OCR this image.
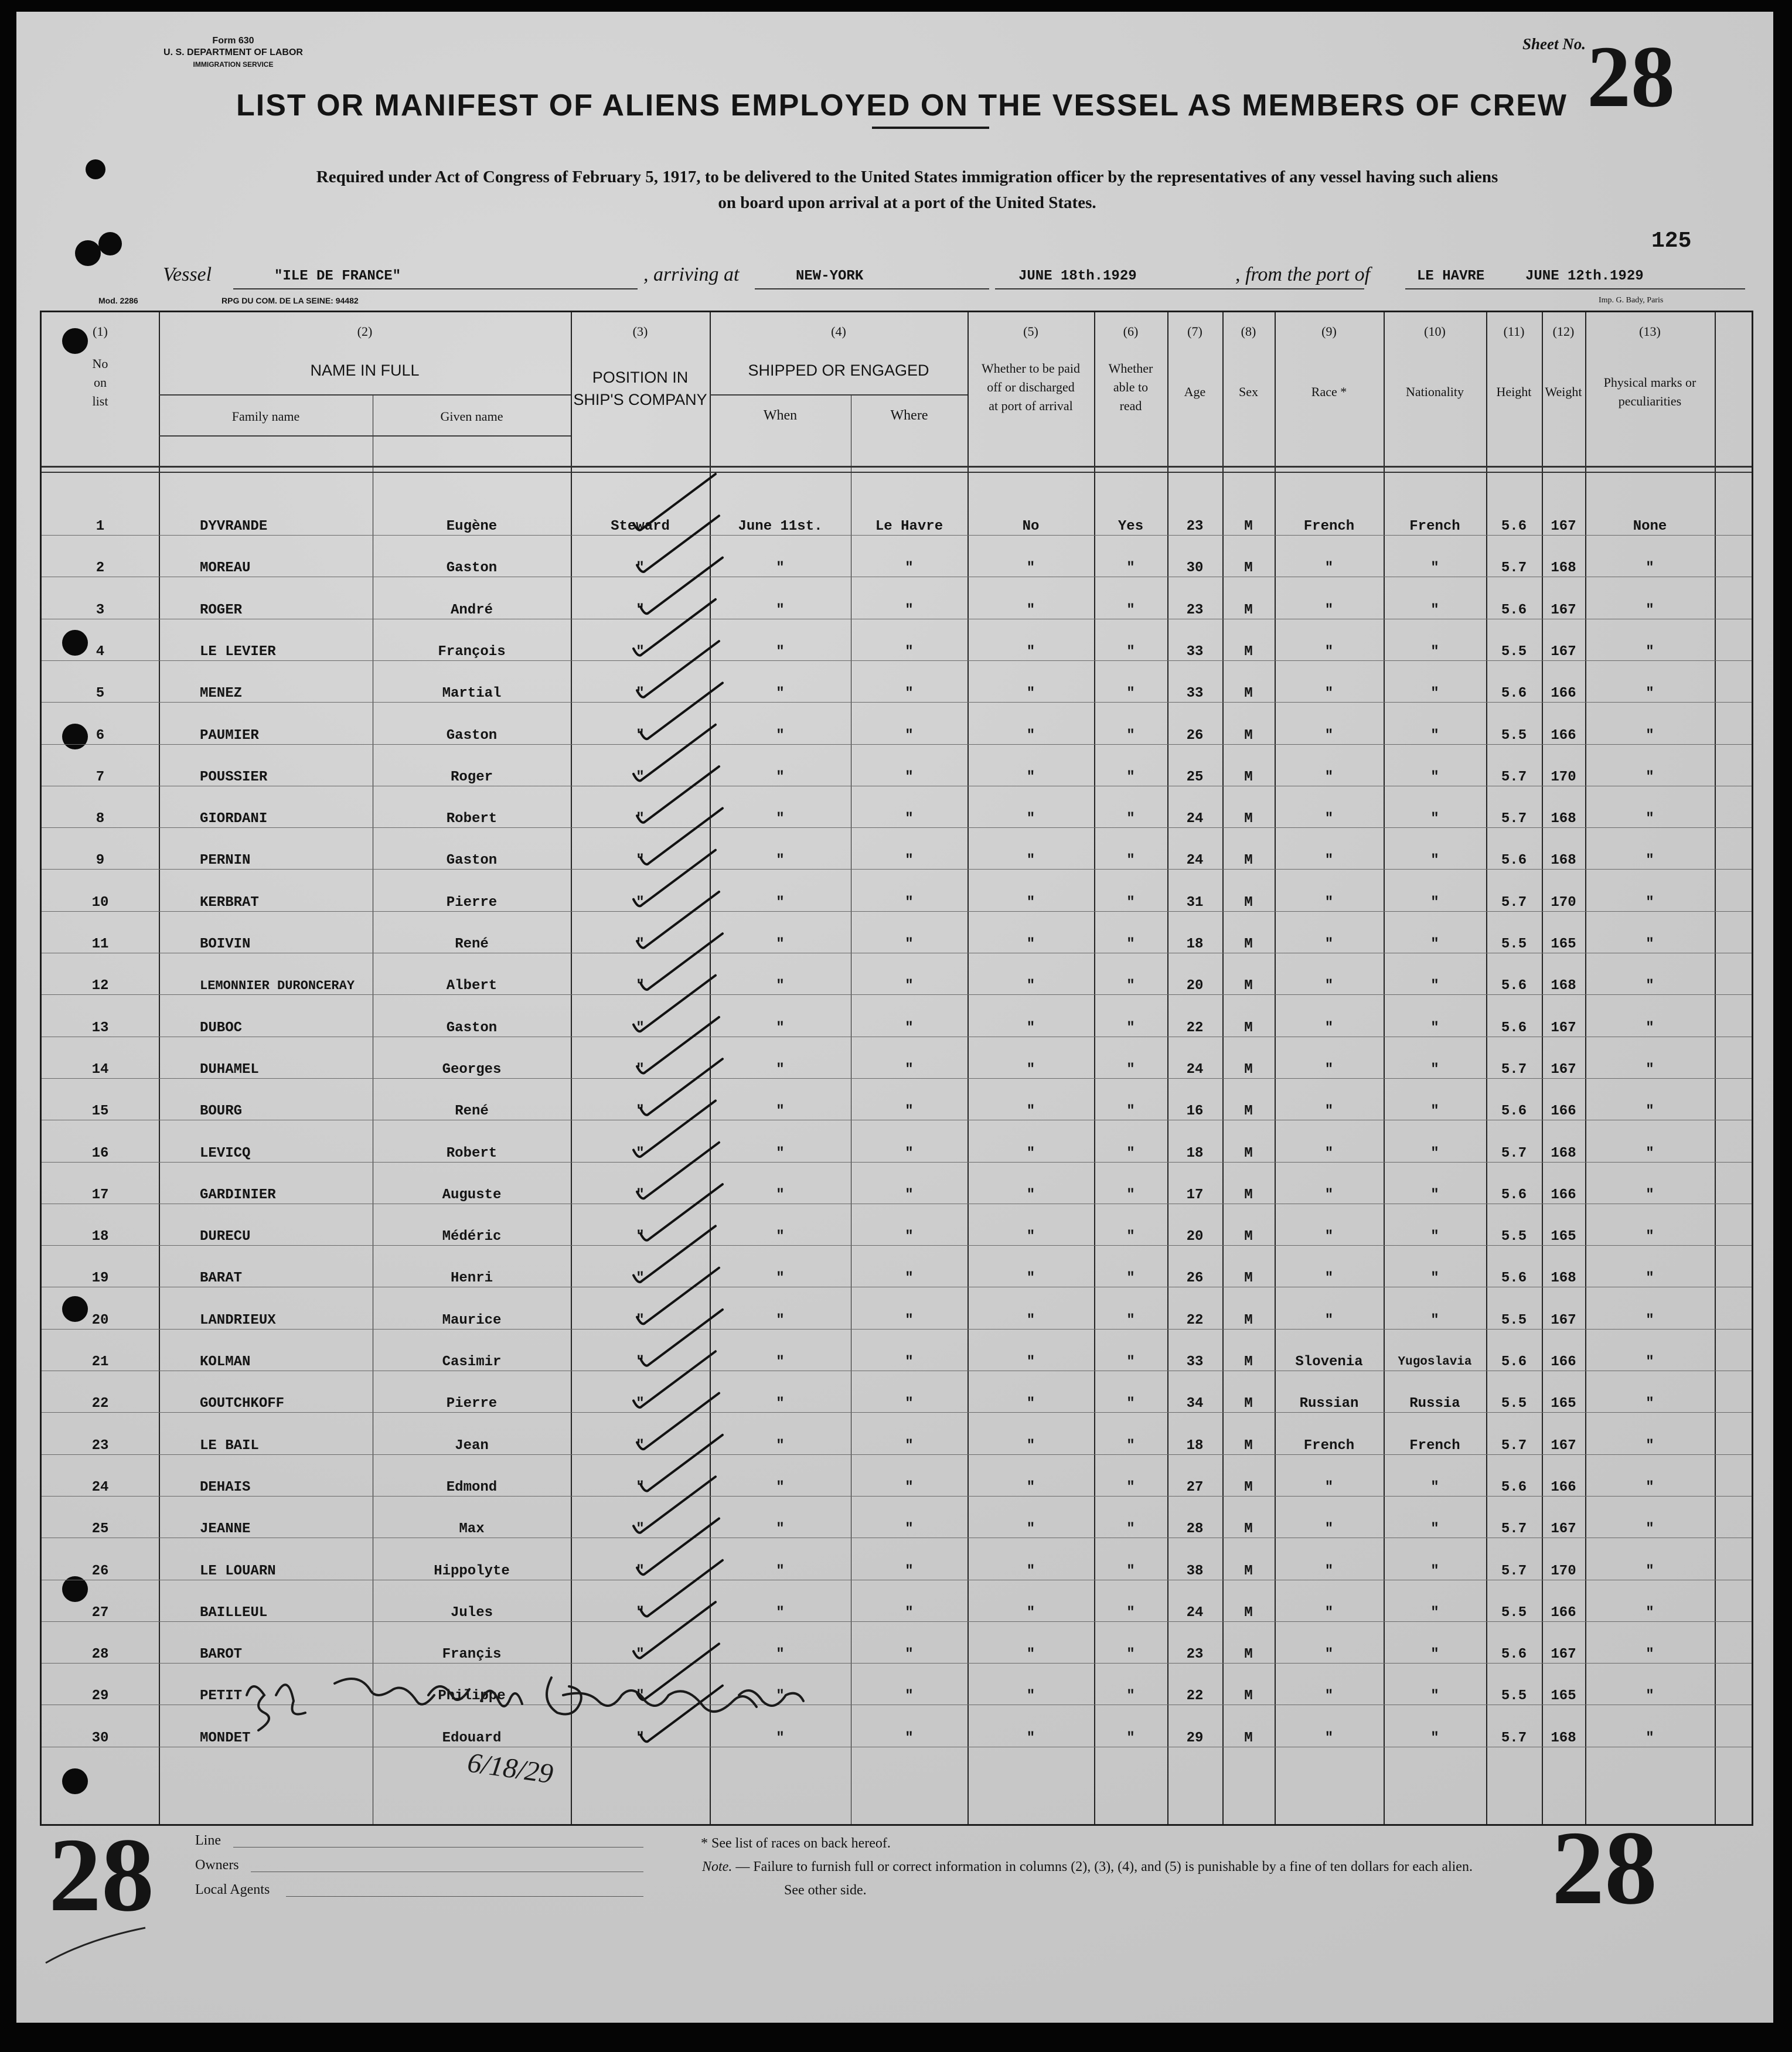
Form 630
U. S. DEPARTMENT OF LABOR
IMMIGRATION SERVICE
Sheet No. 28
LIST OR MANIFEST OF ALIENS EMPLOYED ON THE VESSEL AS MEMBERS OF CREW
Required under Act of Congress of February 5, 1917, to be delivered to the United States immigration officer by the representatives of any vessel having such aliens
on board upon arrival at a port of the United States.
125
Vessel	"ILE DE FRANCE"	, arriving at	NEW-YORK	JUNE 18th.1929	, from the port of	LE HAVRE	JUNE 12th.1929
Mod. 2286	RPG DU COM. DE LA SEINE: 94482	Imp. G. Bady, Paris
(1)	(2)	(3)	(4)	(5)	(6)	(7)	(8)	(9)	(10)	(11)	(12)	(13)
No
on
list
NAME IN FULL
Family name	Given name
POSITION IN
SHIP'S COMPANY
SHIPPED OR ENGAGED
When	Where
Whether to be paid
off or discharged
at port of arrival
Whether
able to
read
Age	Sex	Race *	Nationality	Height	Weight
Physical marks or
peculiarities
1	DYVRANDE	Eugène	Steward	June 11st.	Le Havre	No	Yes	23	M	French	French	5.6	167	None
2	MOREAU	Gaston	"	"	"	"	"	30	M	"	"	5.7	168	"
3	ROGER	André	"	"	"	"	"	23	M	"	"	5.6	167	"
4	LE LEVIER	François	"	"	"	"	"	33	M	"	"	5.5	167	"
5	MENEZ	Martial	"	"	"	"	"	33	M	"	"	5.6	166	"
6	PAUMIER	Gaston	"	"	"	"	"	26	M	"	"	5.5	166	"
7	POUSSIER	Roger	"	"	"	"	"	25	M	"	"	5.7	170	"
8	GIORDANI	Robert	"	"	"	"	"	24	M	"	"	5.7	168	"
9	PERNIN	Gaston	"	"	"	"	"	24	M	"	"	5.6	168	"
10	KERBRAT	Pierre	"	"	"	"	"	31	M	"	"	5.7	170	"
11	BOIVIN	René	"	"	"	"	"	18	M	"	"	5.5	165	"
12	LEMONNIER DURONCERAY	Albert	"	"	"	"	"	20	M	"	"	5.6	168	"
13	DUBOC	Gaston	"	"	"	"	"	22	M	"	"	5.6	167	"
14	DUHAMEL	Georges	"	"	"	"	"	24	M	"	"	5.7	167	"
15	BOURG	René	"	"	"	"	"	16	M	"	"	5.6	166	"
16	LEVICQ	Robert	"	"	"	"	"	18	M	"	"	5.7	168	"
17	GARDINIER	Auguste	"	"	"	"	"	17	M	"	"	5.6	166	"
18	DURECU	Médéric	"	"	"	"	"	20	M	"	"	5.5	165	"
19	BARAT	Henri	"	"	"	"	"	26	M	"	"	5.6	168	"
20	LANDRIEUX	Maurice	"	"	"	"	"	22	M	"	"	5.5	167	"
21	KOLMAN	Casimir	"	"	"	"	"	33	M	Slovenia	Yugoslavia	5.6	166	"
22	GOUTCHKOFF	Pierre	"	"	"	"	"	34	M	Russian	Russia	5.5	165	"
23	LE BAIL	Jean	"	"	"	"	"	18	M	French	French	5.7	167	"
24	DEHAIS	Edmond	"	"	"	"	"	27	M	"	"	5.6	166	"
25	JEANNE	Max	"	"	"	"	"	28	M	"	"	5.7	167	"
26	LE LOUARN	Hippolyte	"	"	"	"	"	38	M	"	"	5.7	170	"
27	BAILLEUL	Jules	"	"	"	"	"	24	M	"	"	5.5	166	"
28	BAROT	Françis	"	"	"	"	"	23	M	"	"	5.6	167	"
29	PETIT	Philippe	"	"	"	"	"	22	M	"	"	5.5	165	"
30	MONDET	Edouard	"	"	"	"	"	29	M	"	"	5.7	168	"
6/18/29
28	28
Line
Owners
Local Agents
* See list of races on back hereof.
Note. — Failure to furnish full or correct information in columns (2), (3), (4), and (5) is punishable by a fine of ten dollars for each alien.
See other side.
